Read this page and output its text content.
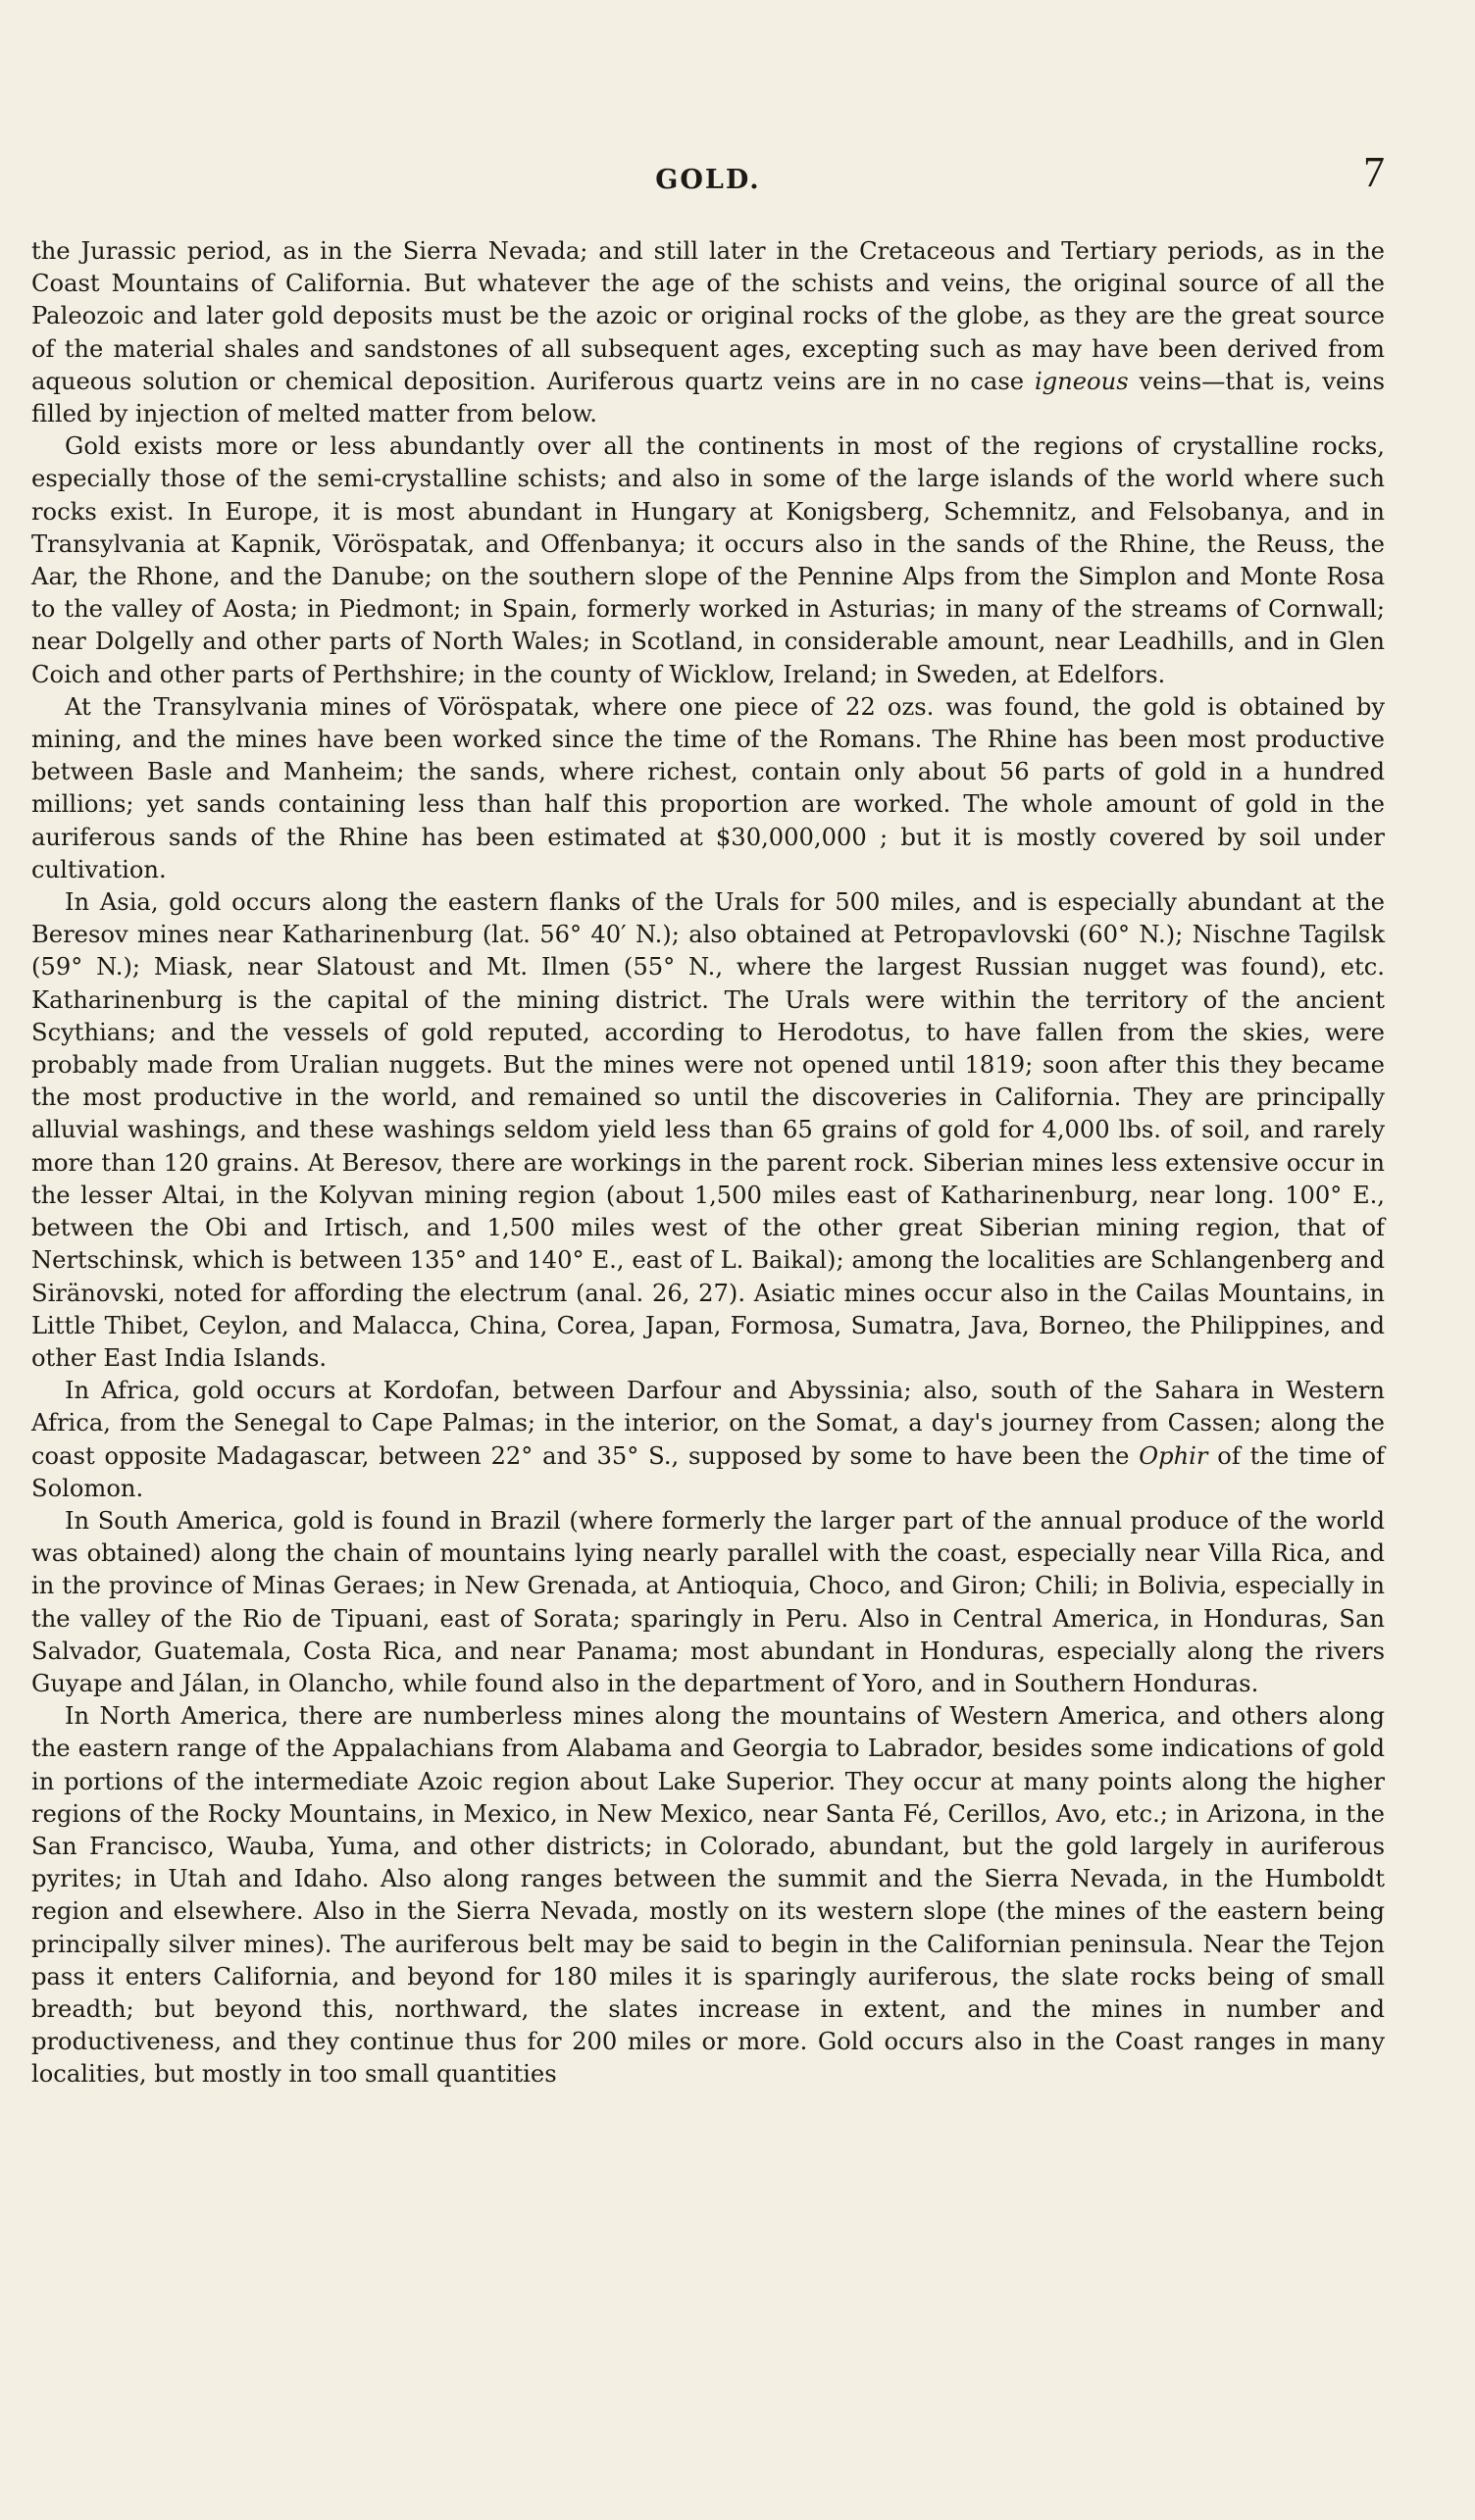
GOLD.	7

the Jurassic period, as in the Sierra Nevada; and still later in the Cretaceous and Tertiary periods, as in the Coast Mountains of California. But whatever the age of the schists and veins, the original source of all the Paleozoic and later gold deposits must be the azoic or original rocks of the globe, as they are the great source of the material shales and sandstones of all subsequent ages, excepting such as may have been derived from aqueous solution or chemical deposition. Auriferous quartz veins are in no case igneous veins—that is, veins filled by injection of melted matter from below.

Gold exists more or less abundantly over all the continents in most of the regions of crystalline rocks, especially those of the semi-crystalline schists; and also in some of the large islands of the world where such rocks exist. In Europe, it is most abundant in Hungary at Konigsberg, Schemnitz, and Felsobanya, and in Transylvania at Kapnik, Vöröspatak, and Offenbanya; it occurs also in the sands of the Rhine, the Reuss, the Aar, the Rhone, and the Danube; on the southern slope of the Pennine Alps from the Simplon and Monte Rosa to the valley of Aosta; in Piedmont; in Spain, formerly worked in Asturias; in many of the streams of Cornwall; near Dolgelly and other parts of North Wales; in Scotland, in considerable amount, near Leadhills, and in Glen Coich and other parts of Perthshire; in the county of Wicklow, Ireland; in Sweden, at Edelfors.

At the Transylvania mines of Vöröspatak, where one piece of 22 ozs. was found, the gold is obtained by mining, and the mines have been worked since the time of the Romans. The Rhine has been most productive between Basle and Manheim; the sands, where richest, contain only about 56 parts of gold in a hundred millions; yet sands containing less than half this proportion are worked. The whole amount of gold in the auriferous sands of the Rhine has been estimated at $30,000,000 ; but it is mostly covered by soil under cultivation.

In Asia, gold occurs along the eastern flanks of the Urals for 500 miles, and is especially abundant at the Beresov mines near Katharinenburg (lat. 56° 40′ N.); also obtained at Petropavlovski (60° N.); Nischne Tagilsk (59° N.); Miask, near Slatoust and Mt. Ilmen (55° N., where the largest Russian nugget was found), etc. Katharinenburg is the capital of the mining district. The Urals were within the territory of the ancient Scythians; and the vessels of gold reputed, according to Herodotus, to have fallen from the skies, were probably made from Uralian nuggets. But the mines were not opened until 1819; soon after this they became the most productive in the world, and remained so until the discoveries in California. They are principally alluvial washings, and these washings seldom yield less than 65 grains of gold for 4,000 lbs. of soil, and rarely more than 120 grains. At Beresov, there are workings in the parent rock. Siberian mines less extensive occur in the lesser Altai, in the Kolyvan mining region (about 1,500 miles east of Katharinenburg, near long. 100° E., between the Obi and Irtisch, and 1,500 miles west of the other great Siberian mining region, that of Nertschinsk, which is between 135° and 140° E., east of L. Baikal); among the localities are Schlangenberg and Siränovski, noted for affording the electrum (anal. 26, 27). Asiatic mines occur also in the Cailas Mountains, in Little Thibet, Ceylon, and Malacca, China, Corea, Japan, Formosa, Sumatra, Java, Borneo, the Philippines, and other East India Islands.

In Africa, gold occurs at Kordofan, between Darfour and Abyssinia; also, south of the Sahara in Western Africa, from the Senegal to Cape Palmas; in the interior, on the Somat, a day's journey from Cassen; along the coast opposite Madagascar, between 22° and 35° S., supposed by some to have been the Ophir of the time of Solomon.

In South America, gold is found in Brazil (where formerly the larger part of the annual produce of the world was obtained) along the chain of mountains lying nearly parallel with the coast, especially near Villa Rica, and in the province of Minas Geraes; in New Grenada, at Antioquia, Choco, and Giron; Chili; in Bolivia, especially in the valley of the Rio de Tipuani, east of Sorata; sparingly in Peru. Also in Central America, in Honduras, San Salvador, Guatemala, Costa Rica, and near Panama; most abundant in Honduras, especially along the rivers Guyape and Jálan, in Olancho, while found also in the department of Yoro, and in Southern Honduras.

In North America, there are numberless mines along the mountains of Western America, and others along the eastern range of the Appalachians from Alabama and Georgia to Labrador, besides some indications of gold in portions of the intermediate Azoic region about Lake Superior. They occur at many points along the higher regions of the Rocky Mountains, in Mexico, in New Mexico, near Santa Fé, Cerillos, Avo, etc.; in Arizona, in the San Francisco, Wauba, Yuma, and other districts; in Colorado, abundant, but the gold largely in auriferous pyrites; in Utah and Idaho. Also along ranges between the summit and the Sierra Nevada, in the Humboldt region and elsewhere. Also in the Sierra Nevada, mostly on its western slope (the mines of the eastern being principally silver mines). The auriferous belt may be said to begin in the Californian peninsula. Near the Tejon pass it enters California, and beyond for 180 miles it is sparingly auriferous, the slate rocks being of small breadth; but beyond this, northward, the slates increase in extent, and the mines in number and productiveness, and they continue thus for 200 miles or more. Gold occurs also in the Coast ranges in many localities, but mostly in too small quantities
